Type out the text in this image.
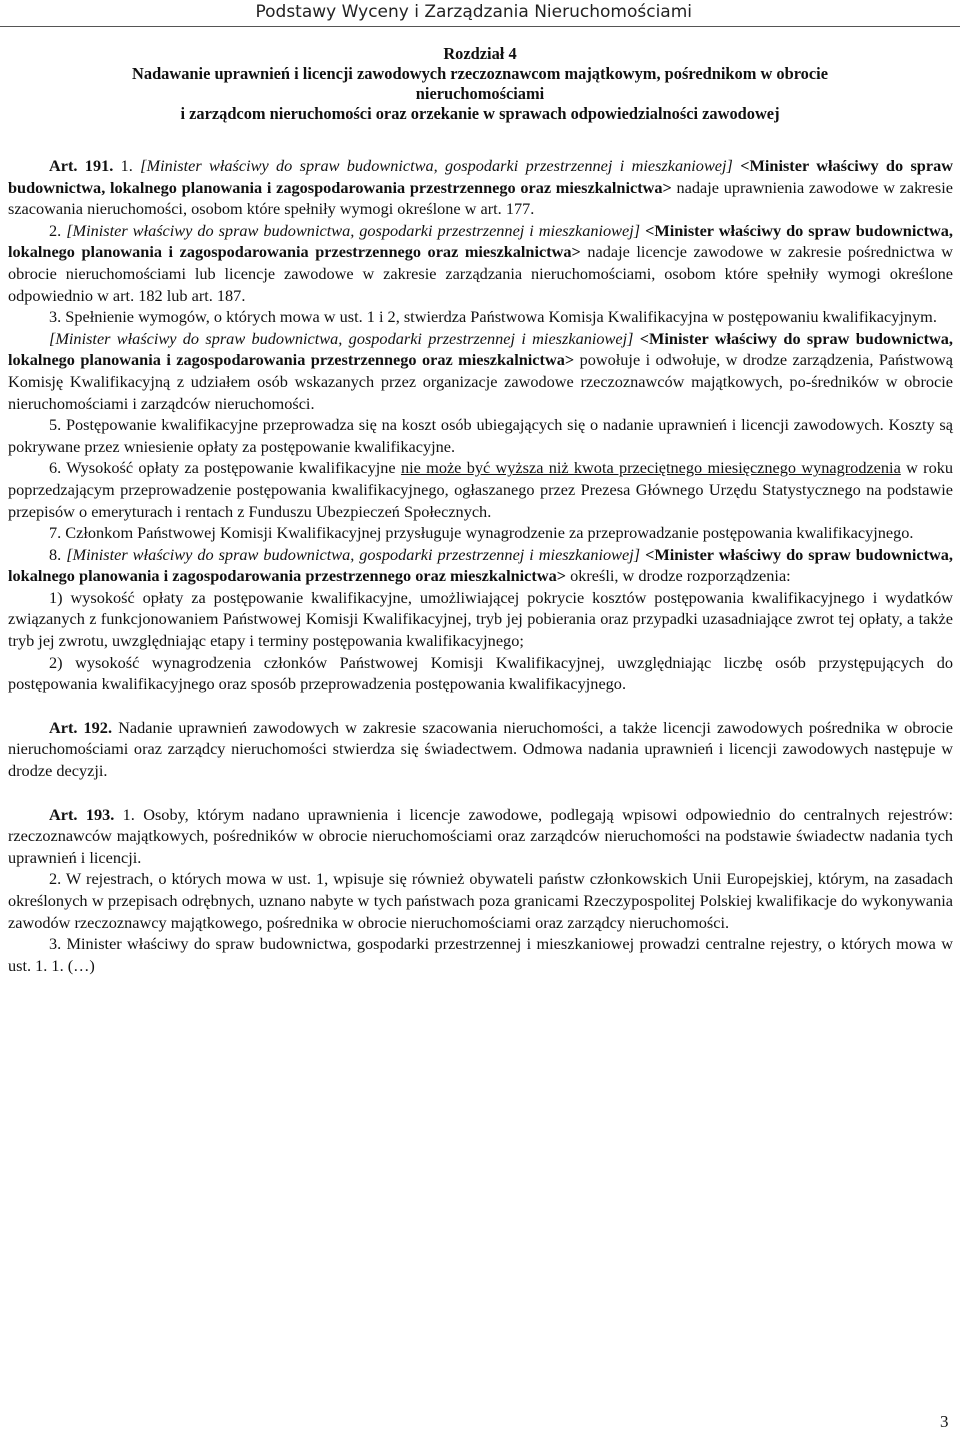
Podstawy Wyceny i Zarządzania Nieruchomościami
Rozdział 4
Nadawanie uprawnień i licencji zawodowych rzeczoznawcom majątkowym, pośrednikom w obrocie
nieruchomościami
i zarządcom nieruchomości oraz orzekanie w sprawach odpowiedzialności zawodowej

Art. 191. 1. [Minister właściwy do spraw budownictwa, gospodarki przestrzennej i mieszkaniowej] <Minister właściwy do spraw budownictwa, lokalnego planowania i zagospodarowania przestrzennego oraz mieszkalnictwa> nadaje uprawnienia zawodowe w zakresie szacowania nieruchomości, osobom które spełniły wymogi określone w art. 177.

2. [Minister właściwy do spraw budownictwa, gospodarki przestrzennej i mieszkaniowej] <Minister właściwy do spraw budownictwa, lokalnego planowania i zagospodarowania przestrzennego oraz mieszkalnictwa> nadaje licencje zawodowe w zakresie pośrednictwa w obrocie nieruchomościami lub licencje zawodowe w zakresie zarządzania nieruchomościami, osobom które spełniły wymogi określone odpowiednio w art. 182 lub art. 187.

3. Spełnienie wymogów, o których mowa w ust. 1 i 2, stwierdza Państwowa Komisja Kwalifikacyjna w postępowaniu kwalifikacyjnym.

[Minister właściwy do spraw budownictwa, gospodarki przestrzennej i mieszkaniowej] <Minister właściwy do spraw budownictwa, lokalnego planowania i zagospodarowania przestrzennego oraz mieszkalnictwa> powołuje i odwołuje, w drodze zarządzenia, Państwową Komisję Kwalifikacyjną z udziałem osób wskazanych przez organizacje zawodowe rzeczoznawców majątkowych, po-średników w obrocie nieruchomościami i zarządców nieruchomości.

5. Postępowanie kwalifikacyjne przeprowadza się na koszt osób ubiegających się o nadanie uprawnień i licencji zawodowych. Koszty są pokrywane przez wniesienie opłaty za postępowanie kwalifikacyjne.

6. Wysokość opłaty za postępowanie kwalifikacyjne nie może być wyższa niż kwota przeciętnego miesięcznego wynagrodzenia w roku poprzedzającym przeprowadzenie postępowania kwalifikacyjnego, ogłaszanego przez Prezesa Głównego Urzędu Statystycznego na podstawie przepisów o emeryturach i rentach z Funduszu Ubezpieczeń Społecznych.

7. Członkom Państwowej Komisji Kwalifikacyjnej przysługuje wynagrodzenie za przeprowadzanie postępowania kwalifikacyjnego.

8. [Minister właściwy do spraw budownictwa, gospodarki przestrzennej i mieszkaniowej] <Minister właściwy do spraw budownictwa, lokalnego planowania i zagospodarowania przestrzennego oraz mieszkalnictwa> określi, w drodze rozporządzenia:

1) wysokość opłaty za postępowanie kwalifikacyjne, umożliwiającej pokrycie kosztów postępowania kwalifikacyjnego i wydatków związanych z funkcjonowaniem Państwowej Komisji Kwalifikacyjnej, tryb jej pobierania oraz przypadki uzasadniające zwrot tej opłaty, a także tryb jej zwrotu, uwzględniając etapy i terminy postępowania kwalifikacyjnego;

2) wysokość wynagrodzenia członków Państwowej Komisji Kwalifikacyjnej, uwzględniając liczbę osób przystępujących do postępowania kwalifikacyjnego oraz sposób przeprowadzenia postępowania kwalifikacyjnego.

Art. 192. Nadanie uprawnień zawodowych w zakresie szacowania nieruchomości, a także licencji zawodowych pośrednika w obrocie nieruchomościami oraz zarządcy nieruchomości stwierdza się świadectwem. Odmowa nadania uprawnień i licencji zawodowych następuje w drodze decyzji.

Art. 193. 1. Osoby, którym nadano uprawnienia i licencje zawodowe, podlegają wpisowi odpowiednio do centralnych rejestrów: rzeczoznawców majątkowych, pośredników w obrocie nieruchomościami oraz zarządców nieruchomości na podstawie świadectw nadania tych uprawnień i licencji.

2. W rejestrach, o których mowa w ust. 1, wpisuje się również obywateli państw członkowskich Unii Europejskiej, którym, na zasadach określonych w przepisach odrębnych, uznano nabyte w tych państwach poza granicami Rzeczypospolitej Polskiej kwalifikacje do wykonywania zawodów rzeczoznawcy majątkowego, pośrednika w obrocie nieruchomościami oraz zarządcy nieruchomości.

3. Minister właściwy do spraw budownictwa, gospodarki przestrzennej i mieszkaniowej prowadzi centralne rejestry, o których mowa w ust. 1. 1. (…)

3
